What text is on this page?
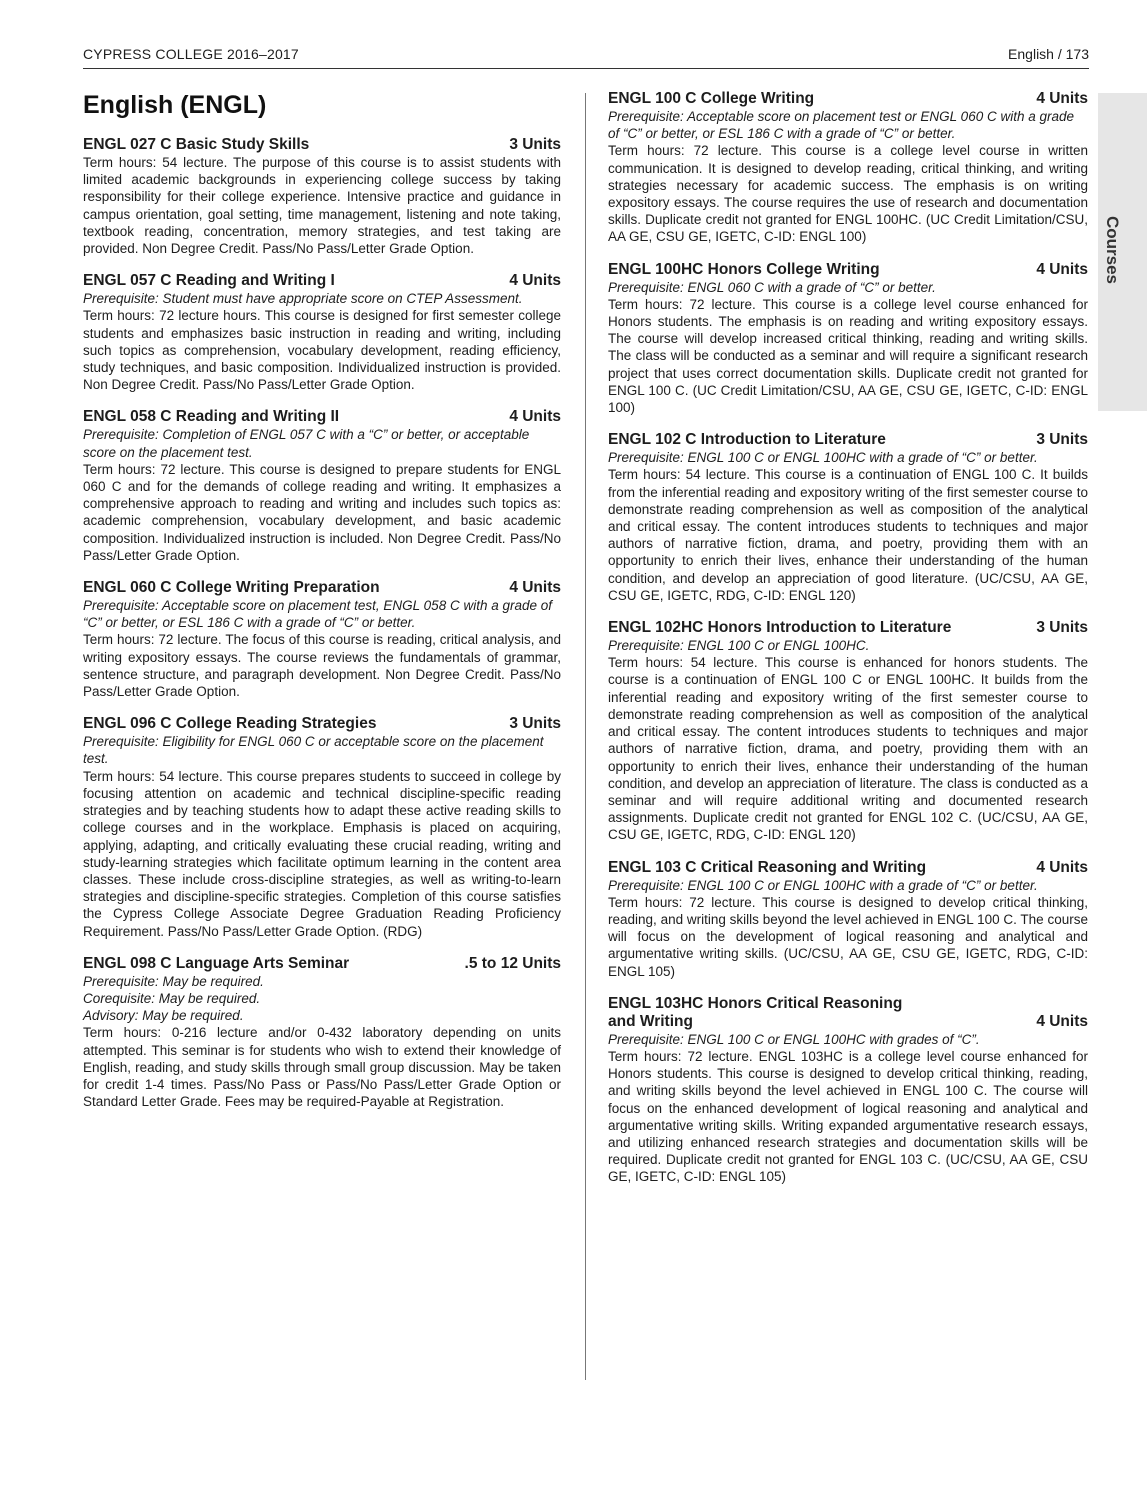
CYPRESS COLLEGE 2016–2017	English / 173
Courses
English (ENGL)
ENGL 027 C Basic Study Skills	3 Units

Term hours: 54 lecture. The purpose of this course is to assist students with limited academic backgrounds in experiencing college success by taking responsibility for their college experience. Intensive practice and guidance in campus orientation, goal setting, time management, listening and note taking, textbook reading, concentration, memory strategies, and test taking are provided. Non Degree Credit. Pass/No Pass/Letter Grade Option.

ENGL 057 C Reading and Writing I	4 Units

Prerequisite: Student must have appropriate score on CTEP Assessment.

Term hours: 72 lecture hours. This course is designed for first semester college students and emphasizes basic instruction in reading and writing, including such topics as comprehension, vocabulary development, reading efficiency, study techniques, and basic composition. Individualized instruction is provided. Non Degree Credit. Pass/No Pass/Letter Grade Option.

ENGL 058 C Reading and Writing II	4 Units

Prerequisite: Completion of ENGL 057 C with a “C” or better, or acceptable score on the placement test.

Term hours: 72 lecture. This course is designed to prepare students for ENGL 060 C and for the demands of college reading and writing. It emphasizes a comprehensive approach to reading and writing and includes such topics as: academic comprehension, vocabulary development, and basic academic composition. Individualized instruction is included. Non Degree Credit. Pass/No Pass/Letter Grade Option.

ENGL 060 C College Writing Preparation	4 Units

Prerequisite: Acceptable score on placement test, ENGL 058 C with a grade of “C” or better, or ESL 186 C with a grade of “C” or better.

Term hours: 72 lecture. The focus of this course is reading, critical analysis, and writing expository essays. The course reviews the fundamentals of grammar, sentence structure, and paragraph development. Non Degree Credit. Pass/No Pass/Letter Grade Option.

ENGL 096 C College Reading Strategies	3 Units

Prerequisite: Eligibility for ENGL 060 C or acceptable score on the placement test.

Term hours: 54 lecture. This course prepares students to succeed in college by focusing attention on academic and technical discipline-specific reading strategies and by teaching students how to adapt these active reading skills to college courses and in the workplace. Emphasis is placed on acquiring, applying, adapting, and critically evaluating these crucial reading, writing and study-learning strategies which facilitate optimum learning in the content area classes. These include cross-discipline strategies, as well as writing-to-learn strategies and discipline-specific strategies. Completion of this course satisfies the Cypress College Associate Degree Graduation Reading Proficiency Requirement. Pass/No Pass/Letter Grade Option. (RDG)

ENGL 098 C Language Arts Seminar	.5 to 12 Units

Prerequisite: May be required.

Corequisite: May be required.

Advisory: May be required.

Term hours: 0-216 lecture and/or 0-432 laboratory depending on units attempted. This seminar is for students who wish to extend their knowledge of English, reading, and study skills through small group discussion. May be taken for credit 1-4 times. Pass/No Pass or Pass/No Pass/Letter Grade Option or Standard Letter Grade. Fees may be required-Payable at Registration.

ENGL 100 C College Writing	4 Units

Prerequisite: Acceptable score on placement test or ENGL 060 C with a grade of “C” or better, or ESL 186 C with a grade of “C” or better.

Term hours: 72 lecture. This course is a college level course in written communication. It is designed to develop reading, critical thinking, and writing strategies necessary for academic success. The emphasis is on writing expository essays. The course requires the use of research and documentation skills. Duplicate credit not granted for ENGL 100HC. (UC Credit Limitation/CSU, AA GE, CSU GE, IGETC, C-ID: ENGL 100)

ENGL 100HC Honors College Writing	4 Units

Prerequisite: ENGL 060 C with a grade of “C” or better.

Term hours: 72 lecture. This course is a college level course enhanced for Honors students. The emphasis is on reading and writing expository essays. The course will develop increased critical thinking, reading and writing skills. The class will be conducted as a seminar and will require a significant research project that uses correct documentation skills. Duplicate credit not granted for ENGL 100 C. (UC Credit Limitation/CSU, AA GE, CSU GE, IGETC, C-ID: ENGL 100)

ENGL 102 C Introduction to Literature	3 Units

Prerequisite: ENGL 100 C or ENGL 100HC with a grade of “C” or better.

Term hours: 54 lecture. This course is a continuation of ENGL 100 C. It builds from the inferential reading and expository writing of the first semester course to demonstrate reading comprehension as well as composition of the analytical and critical essay. The content introduces students to techniques and major authors of narrative fiction, drama, and poetry, providing them with an opportunity to enrich their lives, enhance their understanding of the human condition, and develop an appreciation of good literature. (UC/CSU, AA GE, CSU GE, IGETC, RDG, C-ID: ENGL 120)

ENGL 102HC Honors Introduction to Literature	3 Units

Prerequisite: ENGL 100 C or ENGL 100HC.

Term hours: 54 lecture. This course is enhanced for honors students. The course is a continuation of ENGL 100 C or ENGL 100HC. It builds from the inferential reading and expository writing of the first semester course to demonstrate reading comprehension as well as composition of the analytical and critical essay. The content introduces students to techniques and major authors of narrative fiction, drama, and poetry, providing them with an opportunity to enrich their lives, enhance their understanding of the human condition, and develop an appreciation of literature. The class is conducted as a seminar and will require additional writing and documented research assignments. Duplicate credit not granted for ENGL 102 C. (UC/CSU, AA GE, CSU GE, IGETC, RDG, C-ID: ENGL 120)

ENGL 103 C Critical Reasoning and Writing	4 Units

Prerequisite: ENGL 100 C or ENGL 100HC with a grade of “C” or better.

Term hours: 72 lecture. This course is designed to develop critical thinking, reading, and writing skills beyond the level achieved in ENGL 100 C. The course will focus on the development of logical reasoning and analytical and argumentative writing skills. (UC/CSU, AA GE, CSU GE, IGETC, RDG, C-ID: ENGL 105)

ENGL 103HC Honors Critical Reasoning
and Writing	4 Units

Prerequisite: ENGL 100 C or ENGL 100HC with grades of “C”.

Term hours: 72 lecture. ENGL 103HC is a college level course enhanced for Honors students. This course is designed to develop critical thinking, reading, and writing skills beyond the level achieved in ENGL 100 C. The course will focus on the enhanced development of logical reasoning and analytical and argumentative writing skills. Writing expanded argumentative research essays, and utilizing enhanced research strategies and documentation skills will be required. Duplicate credit not granted for ENGL 103 C. (UC/CSU, AA GE, CSU GE, IGETC, C-ID: ENGL 105)
